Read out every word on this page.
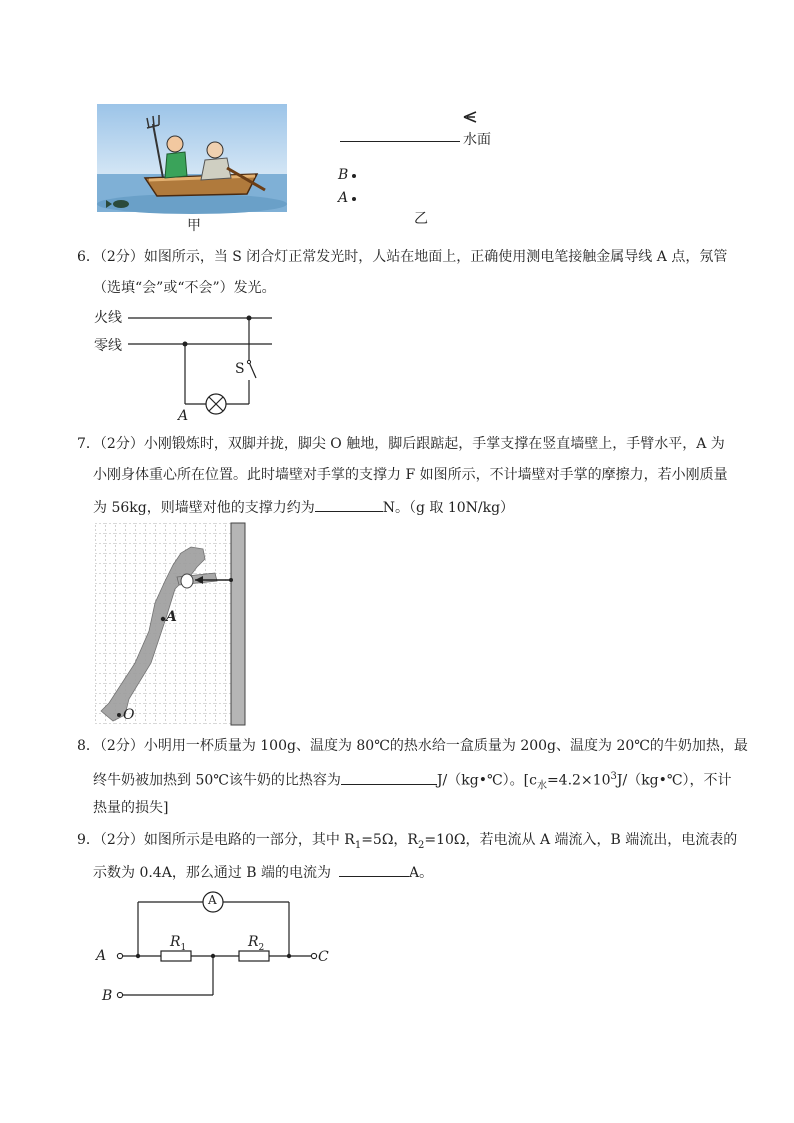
甲
水面
B
A
乙
6．（2分）如图所示，当 S 闭合灯正常发光时，人站在地面上，正确使用测电笔接触金属导线 A 点，氖管
（选填“会”或“不会”）发光。
火线
零线
S
A
7．（2分）小刚锻炼时，双脚并拢，脚尖 O 触地，脚后跟踮起，手掌支撑在竖直墙壁上，手臂水平，A 为
小刚身体重心所在位置。此时墙壁对手掌的支撑力 F 如图所示，不计墙壁对手掌的摩擦力，若小刚质量
为 56kg，则墙壁对他的支撑力约为	N。（g 取 10N/kg）
A
O
8．（2分）小明用一杯质量为 100g、温度为 80℃的热水给一盒质量为 200g、温度为 20℃的牛奶加热，最
终牛奶被加热到 50℃该牛奶的比热容为	J/（kg•℃）。[$c_水=4.2\times 10^3J/(kg•℃)$，不计
热量的损失]
9．（2分）如图所示是电路的一部分，其中 $R_1=5\Omega$，$R_2=10\Omega$，若电流从 A 端流入，B 端流出，电流表的
示数为 0.4A，那么通过 B 端的电流为	A。
A
$R_1$	$R_2$
A
B
C
